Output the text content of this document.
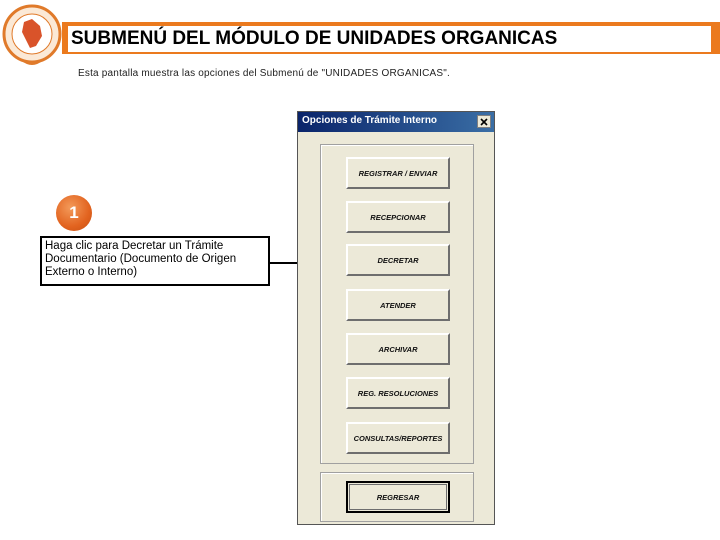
SUBMENÚ DEL MÓDULO DE UNIDADES ORGANICAS
Esta pantalla muestra las opciones del Submenú de "UNIDADES ORGANICAS".
1
Haga clic para Decretar un Trámite Documentario (Documento de Origen Externo o Interno)
Opciones de Trámite Interno
REGISTRAR / ENVIAR
RECEPCIONAR
DECRETAR
ATENDER
ARCHIVAR
REG. RESOLUCIONES
CONSULTAS/REPORTES
REGRESAR
